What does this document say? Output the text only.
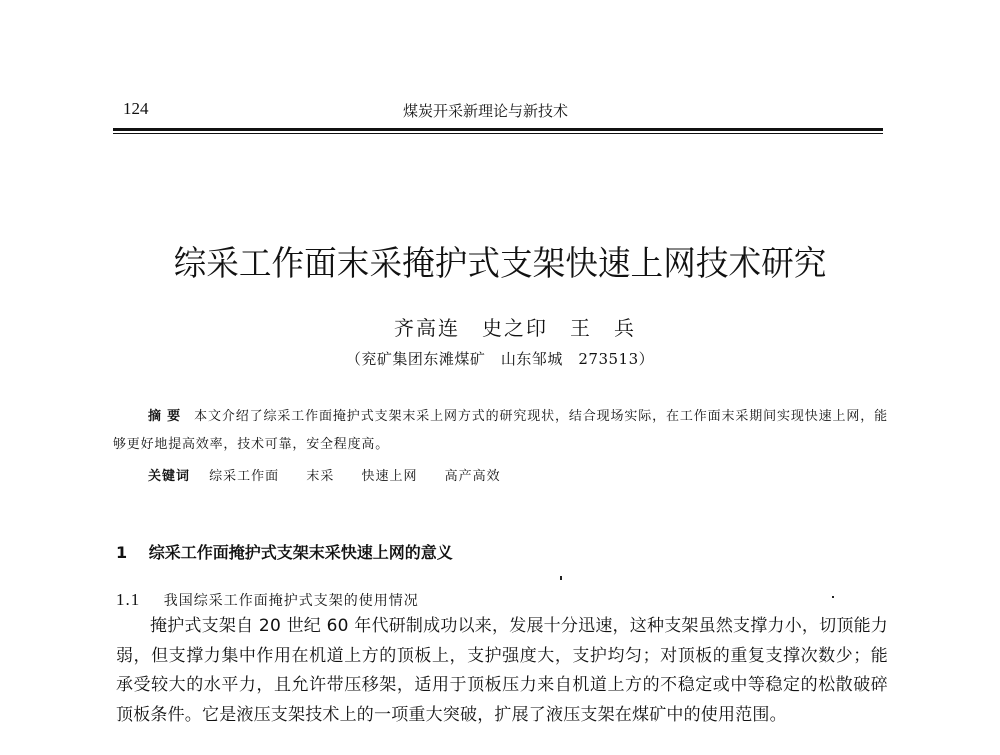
124	煤炭开采新理论与新技术
综采工作面末采掩护式支架快速上网技术研究
齐高连　史之印　王　兵
（兖矿集团东滩煤矿　山东邹城　273513）
摘要 本文介绍了综采工作面掩护式支架末采上网方式的研究现状，结合现场实际，在工作面末采期间实现快速上网，能够更好地提高效率，技术可靠，安全程度高。
关键词 综采工作面 末采 快速上网 高产高效
1 综采工作面掩护式支架末采快速上网的意义
1.1 我国综采工作面掩护式支架的使用情况
掩护式支架自 20 世纪 60 年代研制成功以来，发展十分迅速，这种支架虽然支撑力小，切顶能力弱，但支撑力集中作用在机道上方的顶板上，支护强度大，支护均匀；对顶板的重复支撑次数少；能承受较大的水平力，且允许带压移架，适用于顶板压力来自机道上方的不稳定或中等稳定的松散破碎顶板条件。它是液压支架技术上的一项重大突破，扩展了液压支架在煤矿中的使用范围。
